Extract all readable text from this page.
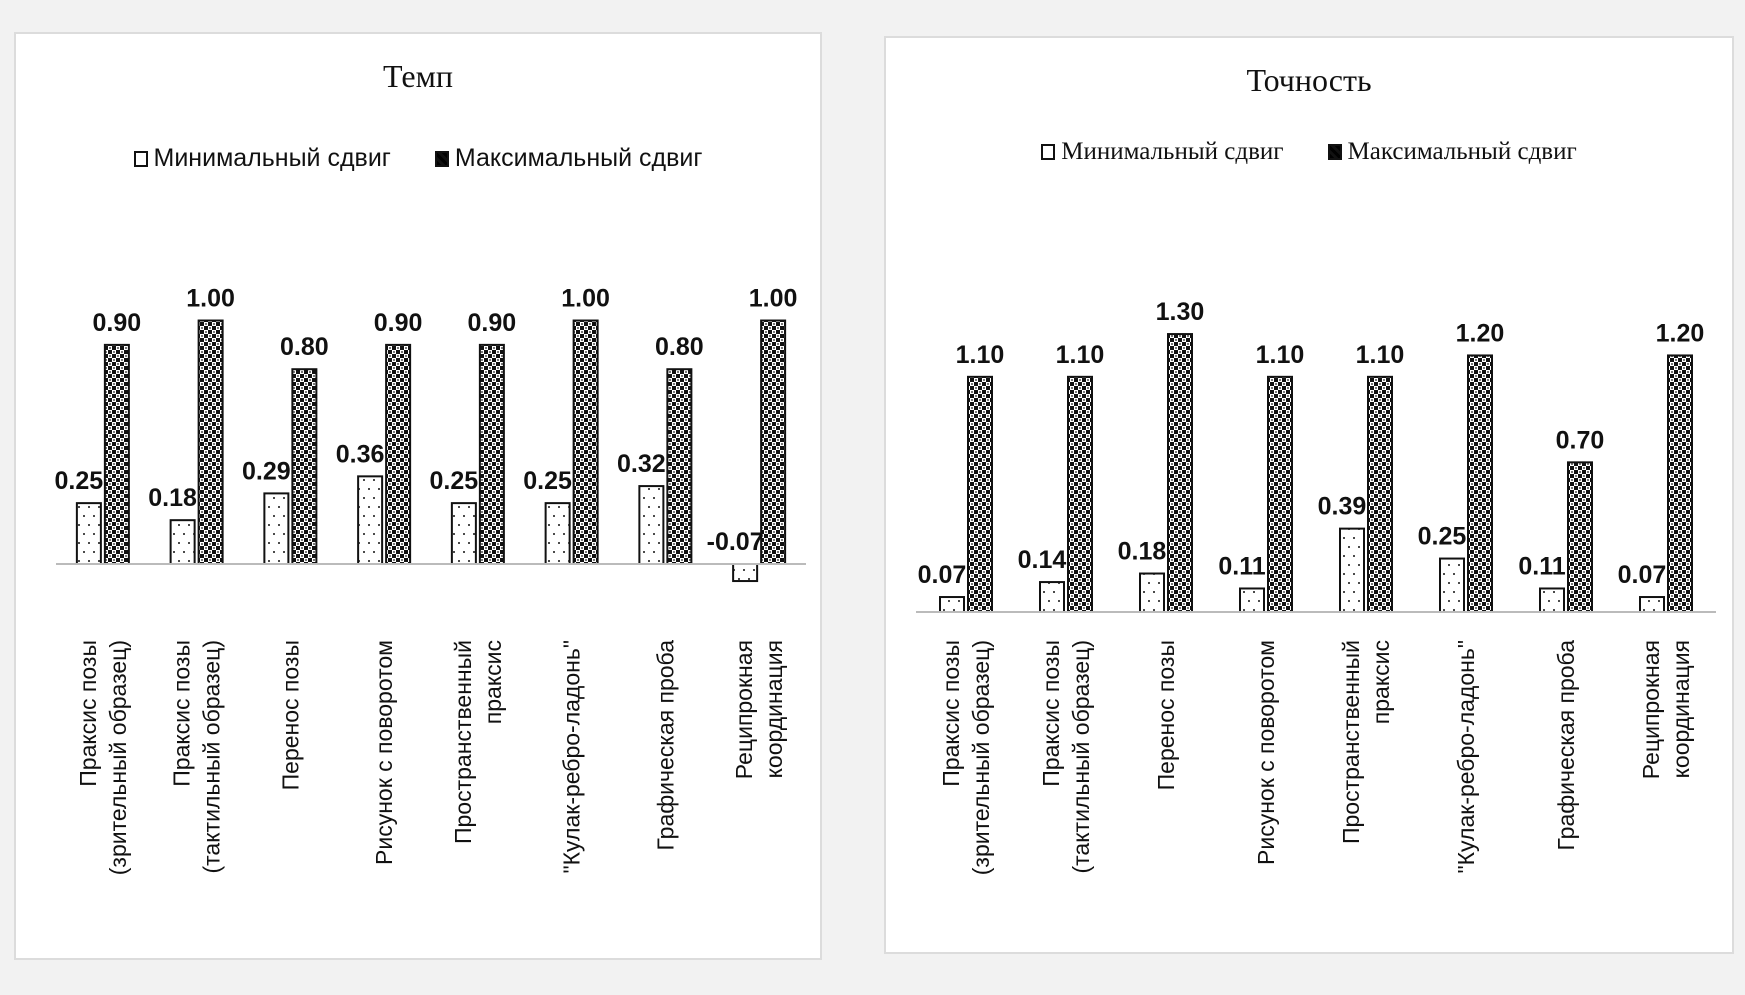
Темп
Минимальный сдвиг	Максимальный сдвиг
0.25
0.90
Праксис позы (зрительный образец)
0.18
1.00
Праксис позы (тактильный образец)
0.29
0.80
Перенос позы
0.36
0.90
Рисунок с поворотом
0.25
0.90
Пространственный праксис
0.25
1.00
"Кулак-ребро-ладонь"
0.32
0.80
Графическая проба
-0.07
1.00
Реципрокная координация
Точность
Минимальный сдвиг	Максимальный сдвиг
0.07
1.10
Праксис позы (зрительный образец)
0.14
1.10
Праксис позы (тактильный образец)
0.18
1.30
Перенос позы
0.11
1.10
Рисунок с поворотом
0.39
1.10
Пространственный праксис
0.25
1.20
"Кулак-ребро-ладонь"
0.11
0.70
Графическая проба
0.07
1.20
Реципрокная координация
